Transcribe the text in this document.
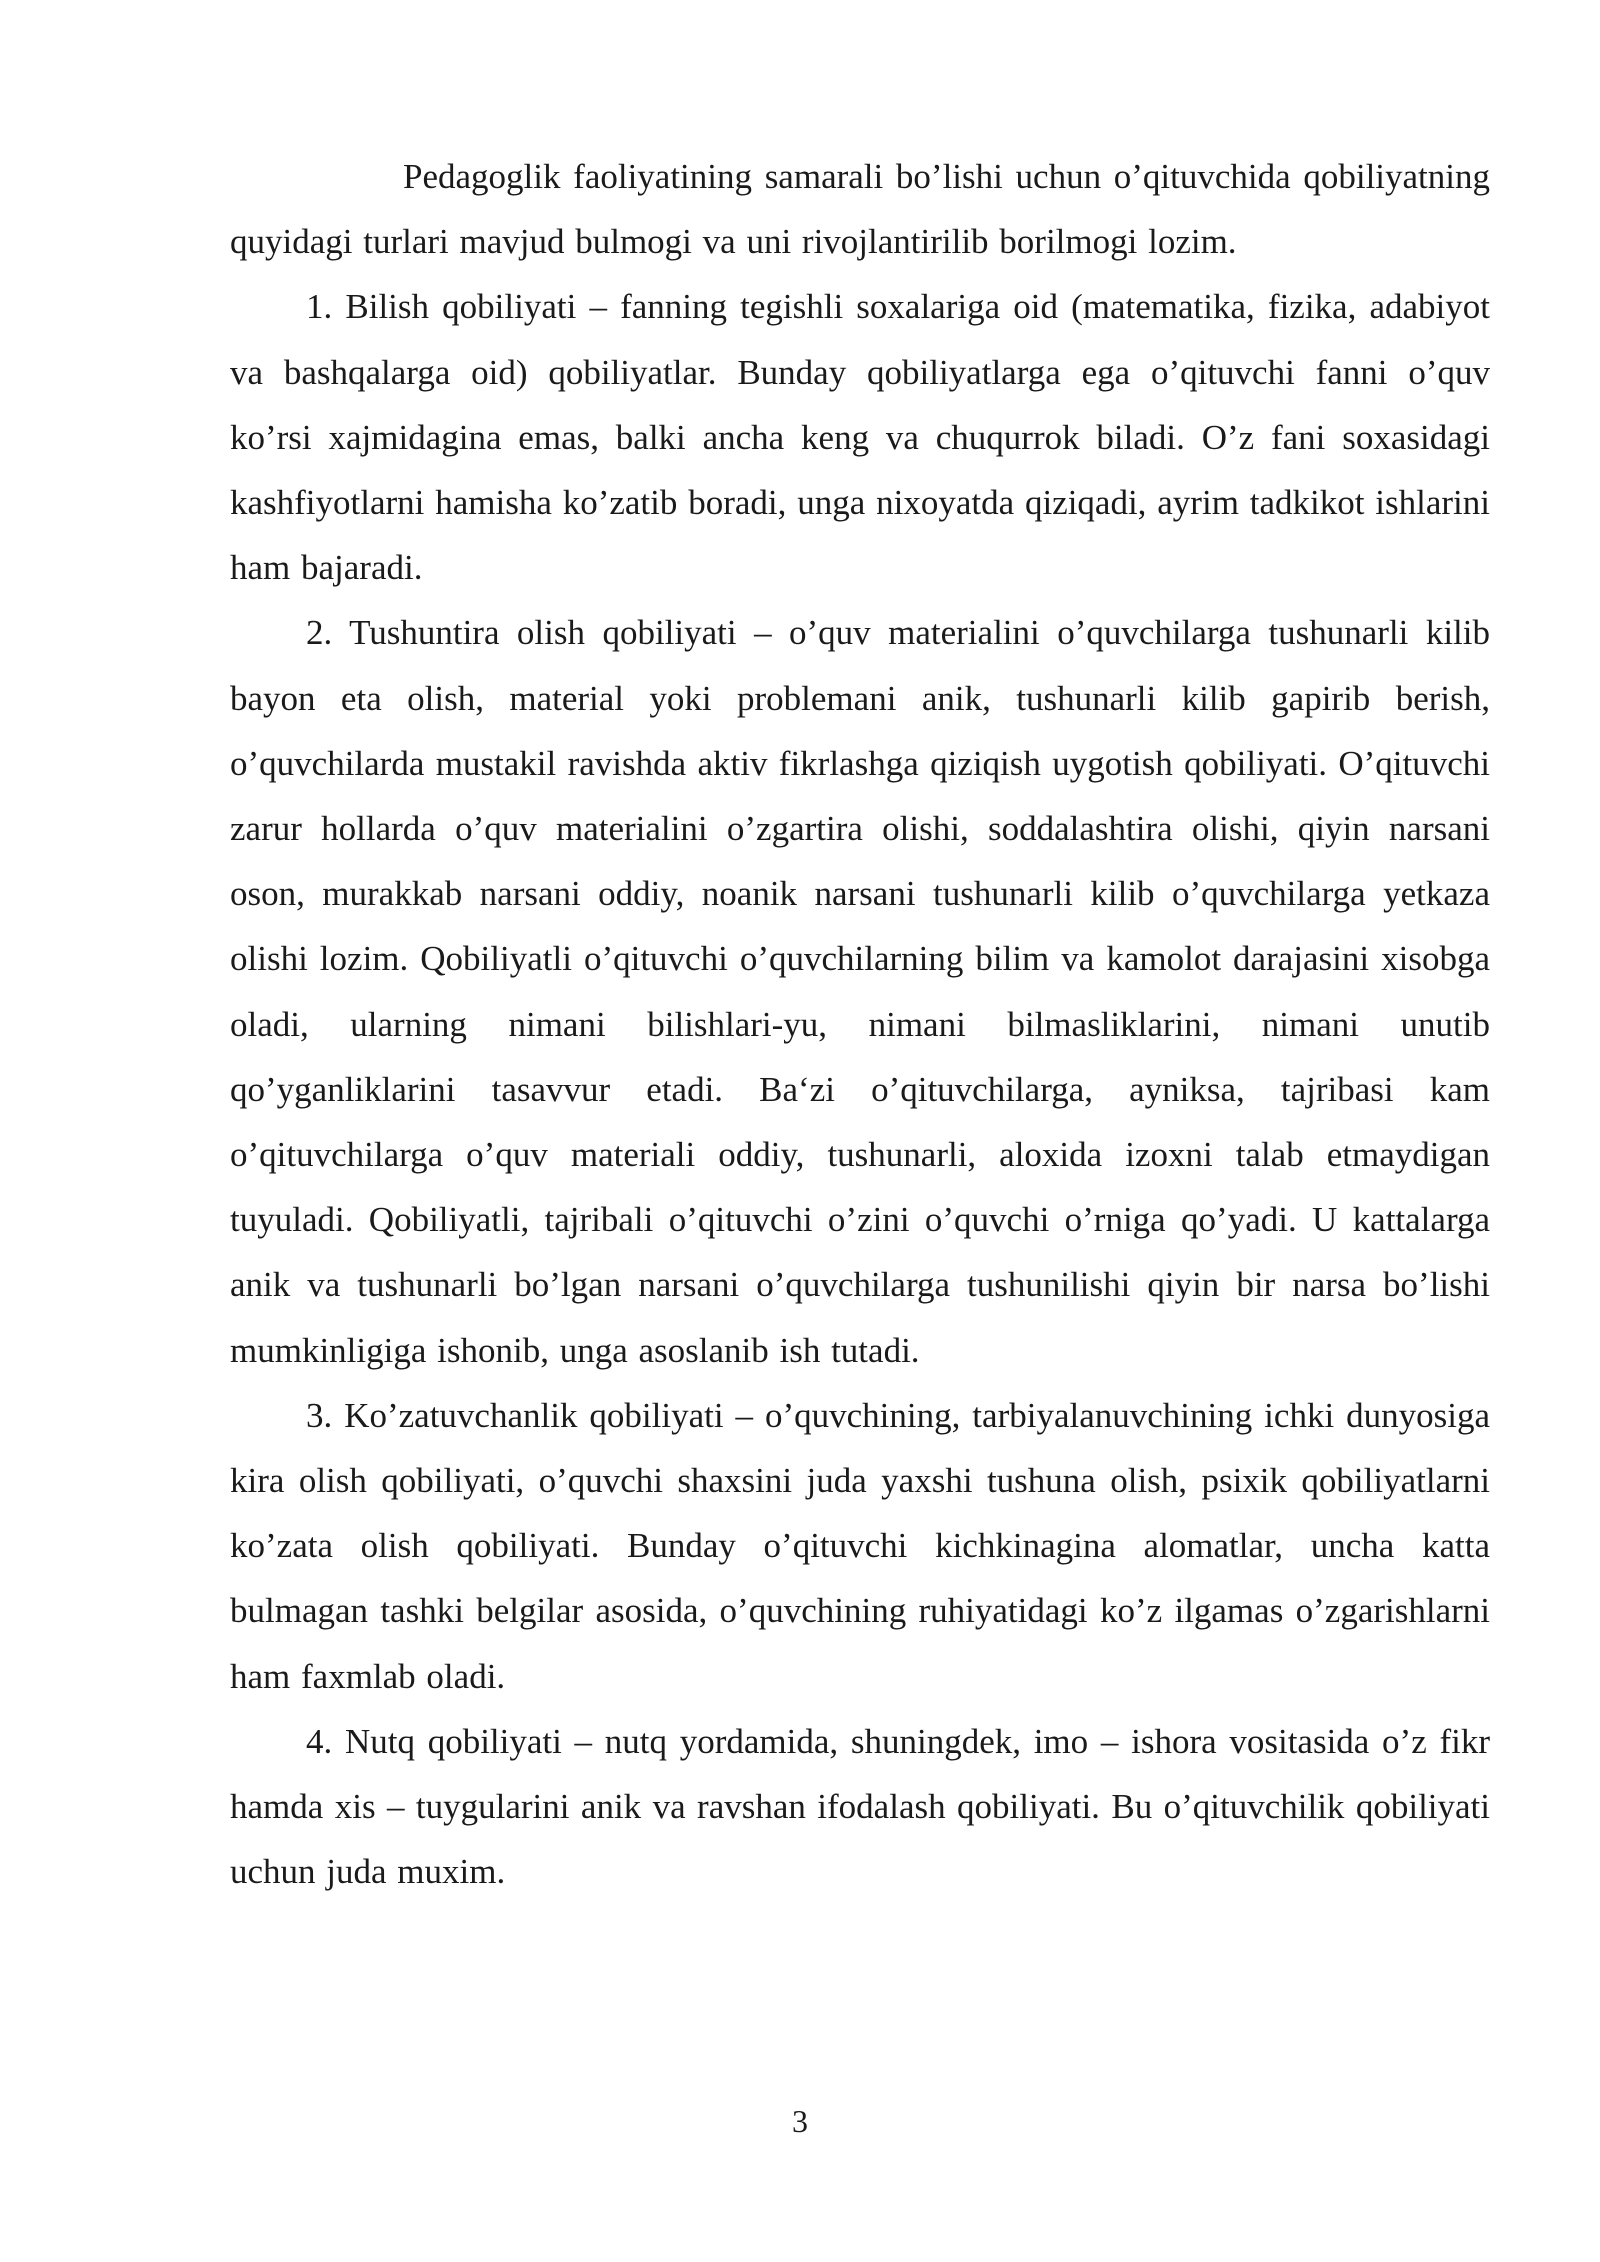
Pedagoglik faoliyatining samarali bo’lishi uchun o’qituvchida qobiliyatning quyidagi turlari mavjud bulmogi va uni rivojlantirilib borilmogi lozim.

1. Bilish qobiliyati – fanning tegishli soxalariga oid (matematika, fizika, adabiyot va bashqalarga oid) qobiliyatlar. Bunday qobiliyatlarga ega o’qituvchi fanni o’quv ko’rsi xajmidagina emas, balki ancha keng va chuqurrok biladi. O’z fani soxasidagi kashfiyotlarni hamisha ko’zatib boradi, unga nixoyatda qiziqadi, ayrim tadkikot ishlarini ham bajaradi.

2. Tushuntira olish qobiliyati – o’quv materialini o’quvchilarga tushunarli kilib bayon eta olish, material yoki problemani anik, tushunarli kilib gapirib berish, o’quvchilarda mustakil ravishda aktiv fikrlashga qiziqish uygotish qobiliyati. O’qituvchi zarur hollarda o’quv materialini o’zgartira olishi, soddalashtira olishi, qiyin narsani oson, murakkab narsani oddiy, noanik narsani tushunarli kilib o’quvchilarga yetkaza olishi lozim. Qobiliyatli o’qituvchi o’quvchilarning bilim va kamolot darajasini xisobga oladi, ularning nimani bilishlari-yu, nimani bilmasliklarini, nimani unutib qo’yganliklarini tasavvur etadi. Ba‘zi o’qituvchilarga, ayniksa, tajribasi kam o’qituvchilarga o’quv materiali oddiy, tushunarli, aloxida izoxni talab etmaydigan tuyuladi. Qobiliyatli, tajribali o’qituvchi o’zini o’quvchi o’rniga qo’yadi. U kattalarga anik va tushunarli bo’lgan narsani o’quvchilarga tushunilishi qiyin bir narsa bo’lishi mumkinligiga ishonib, unga asoslanib ish tutadi.

3. Ko’zatuvchanlik qobiliyati – o’quvchining, tarbiyalanuvchining ichki dunyosiga kira olish qobiliyati, o’quvchi shaxsini juda yaxshi tushuna olish, psixik qobiliyatlarni ko’zata olish qobiliyati. Bunday o’qituvchi kichkinagina alomatlar, uncha katta bulmagan tashki belgilar asosida, o’quvchining ruhiyatidagi ko’z ilgamas o’zgarishlarni ham faxmlab oladi.

4. Nutq qobiliyati – nutq yordamida, shuningdek, imo – ishora vositasida o’z fikr hamda xis – tuygularini anik va ravshan ifodalash qobiliyati. Bu o’qituvchilik qobiliyati uchun juda muxim.

3
